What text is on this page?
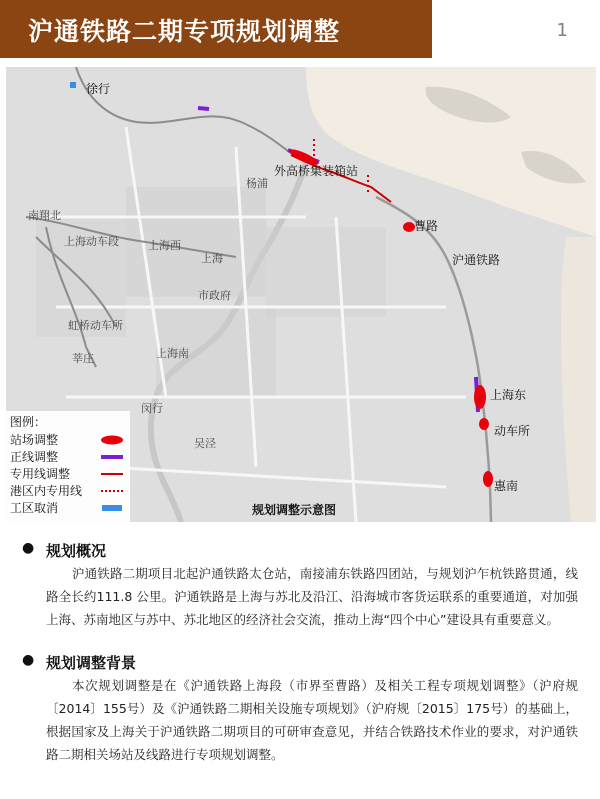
沪通铁路二期专项规划调整	1
徐行
外高桥集装箱站
曹路
沪通铁路
上海东
动车所
惠南
南翔北
上海动车段	上海西
上海
市政府
虹桥动车所
莘庄	上海南
杨浦
吴泾
闵行
图例：
站场调整
正线调整
专用线调整
港区内专用线
工区取消	规划调整示意图
● 规划概况

沪通铁路二期项目北起沪通铁路太仓站，南接浦东铁路四团站，与规划沪乍杭铁路贯通，线路全长约111.8 公里。沪通铁路是上海与苏北及沿江、沿海城市客货运联系的重要通道，对加强上海、苏南地区与苏中、苏北地区的经济社会交流，推动上海“四个中心”建设具有重要意义。

● 规划调整背景

本次规划调整是在《沪通铁路上海段（市界至曹路）及相关工程专项规划调整》（沪府规〔2014〕155号）及《沪通铁路二期相关设施专项规划》（沪府规〔2015〕175号）的基础上，根据国家及上海关于沪通铁路二期项目的可研审查意见，并结合铁路技术作业的要求，对沪通铁路二期相关场站及线路进行专项规划调整。
